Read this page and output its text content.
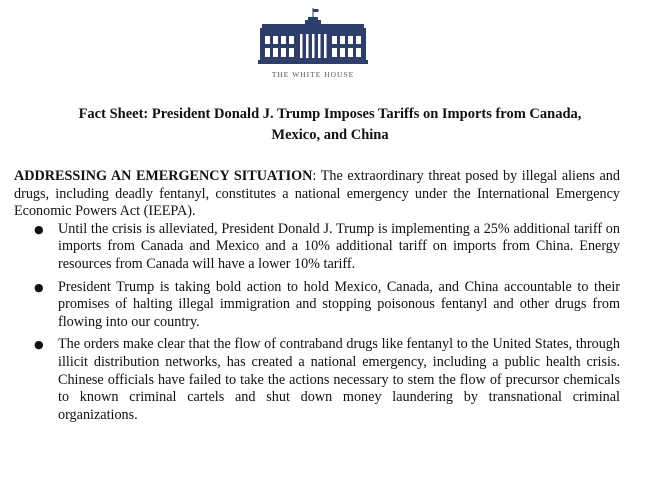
THE WHITE HOUSE
Fact Sheet: President Donald J. Trump Imposes Tariffs on Imports from Canada,
Mexico, and China

ADDRESSING AN EMERGENCY SITUATION: The extraordinary threat posed by illegal aliens and drugs, including deadly fentanyl, constitutes a national emergency under the International Emergency Economic Powers Act (IEEPA).

● Until the crisis is alleviated, President Donald J. Trump is implementing a 25% additional tariff on imports from Canada and Mexico and a 10% additional tariff on imports from China. Energy resources from Canada will have a lower 10% tariff.
● President Trump is taking bold action to hold Mexico, Canada, and China accountable to their promises of halting illegal immigration and stopping poisonous fentanyl and other drugs from flowing into our country.
● The orders make clear that the flow of contraband drugs like fentanyl to the United States, through illicit distribution networks, has created a national emergency, including a public health crisis. Chinese officials have failed to take the actions necessary to stem the flow of precursor chemicals to known criminal cartels and shut down money laundering by transnational criminal organizations.
